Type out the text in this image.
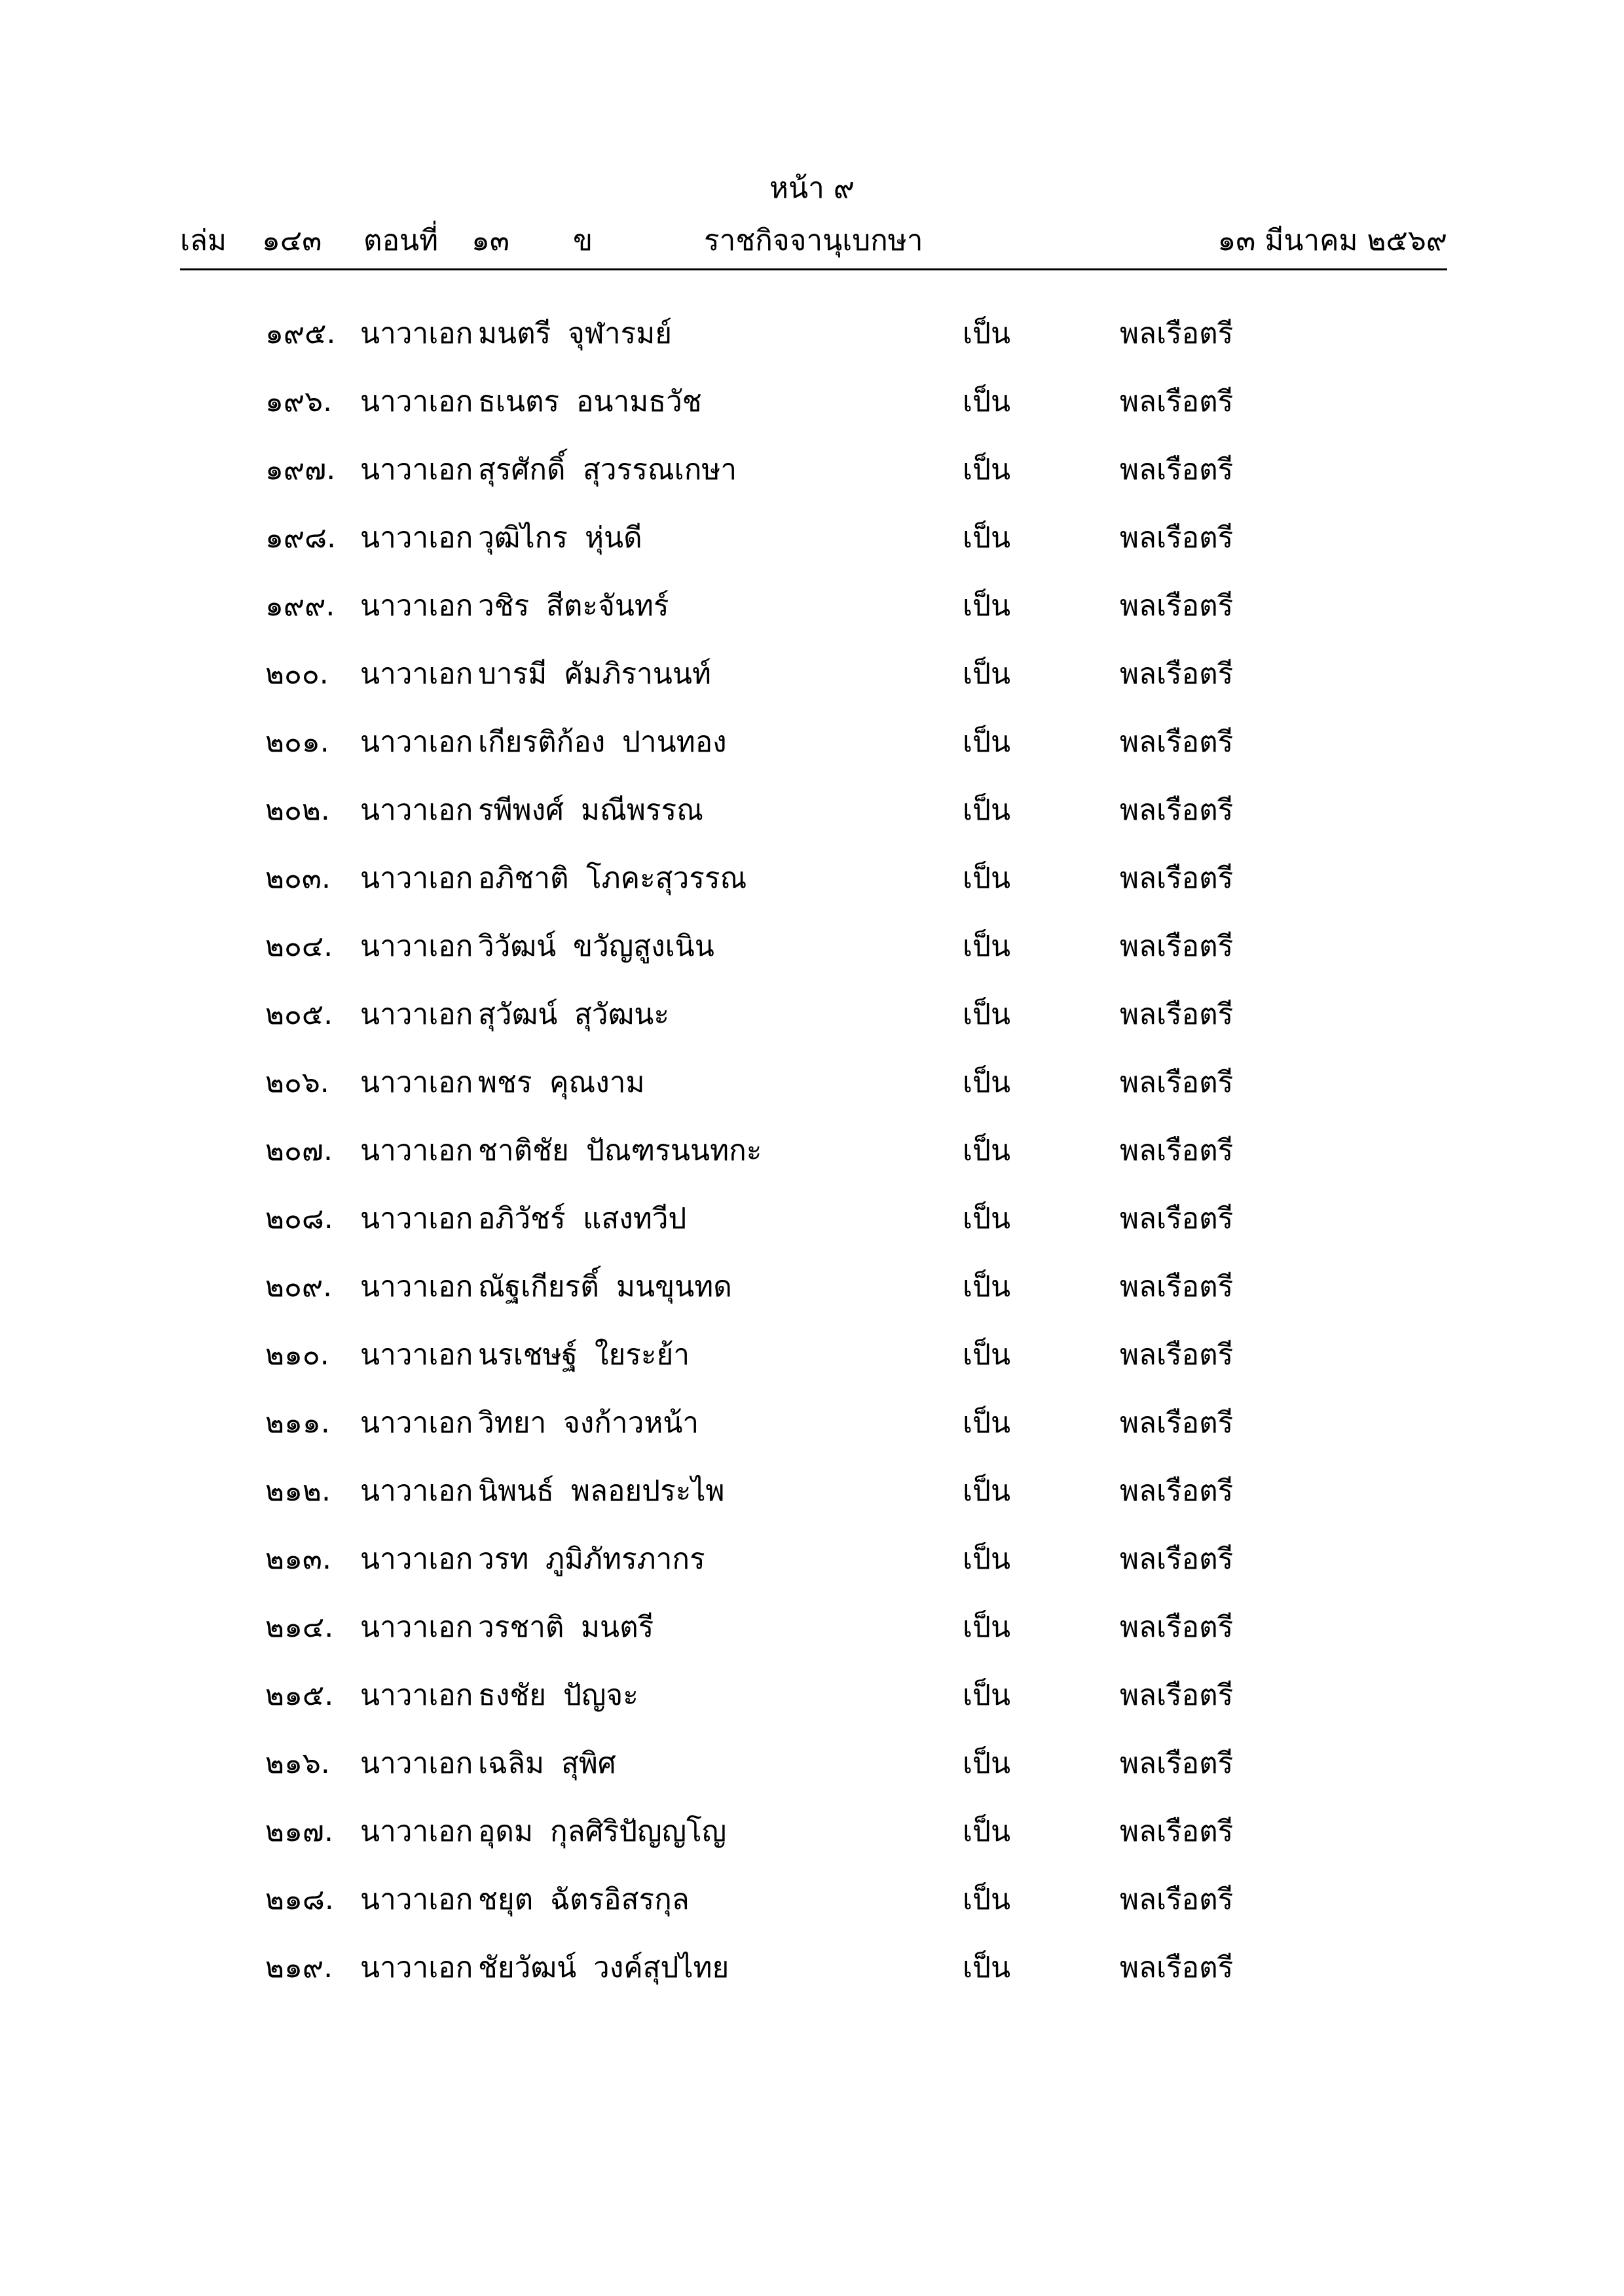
หน้า ๙
เล่ม ๑๔๓ ตอนที่ ๑๓ ข	ราชกิจจานุเบกษา	๑๓ มีนาคม ๒๕๖๙
๑๙๕. นาวาเอก มนตรี จุฬารมย์	เป็น	พลเรือตรี
๑๙๖. นาวาเอก ธเนตร อนามธวัช	เป็น	พลเรือตรี
๑๙๗. นาวาเอก สุรศักดิ์ สุวรรณเกษา	เป็น	พลเรือตรี
๑๙๘. นาวาเอก วุฒิไกร หุ่นดี	เป็น	พลเรือตรี
๑๙๙. นาวาเอก วชิร สีตะจันทร์	เป็น	พลเรือตรี
๒๐๐. นาวาเอก บารมี คัมภิรานนท์	เป็น	พลเรือตรี
๒๐๑. นาวาเอก เกียรติก้อง ปานทอง	เป็น	พลเรือตรี
๒๐๒. นาวาเอก รพีพงศ์ มณีพรรณ	เป็น	พลเรือตรี
๒๐๓. นาวาเอก อภิชาติ โภคะสุวรรณ	เป็น	พลเรือตรี
๒๐๔. นาวาเอก วิวัฒน์ ขวัญสูงเนิน	เป็น	พลเรือตรี
๒๐๕. นาวาเอก สุวัฒน์ สุวัฒนะ	เป็น	พลเรือตรี
๒๐๖. นาวาเอก พชร คุณงาม	เป็น	พลเรือตรี
๒๐๗. นาวาเอก ชาติชัย ปัณฑรนนทกะ	เป็น	พลเรือตรี
๒๐๘. นาวาเอก อภิวัชร์ แสงทวีป	เป็น	พลเรือตรี
๒๐๙. นาวาเอก ณัฐเกียรติ์ มนขุนทด	เป็น	พลเรือตรี
๒๑๐. นาวาเอก นรเชษฐ์ ใยระย้า	เป็น	พลเรือตรี
๒๑๑. นาวาเอก วิทยา จงก้าวหน้า	เป็น	พลเรือตรี
๒๑๒. นาวาเอก นิพนธ์ พลอยประไพ	เป็น	พลเรือตรี
๒๑๓. นาวาเอก วรท ภูมิภัทรภากร	เป็น	พลเรือตรี
๒๑๔. นาวาเอก วรชาติ มนตรี	เป็น	พลเรือตรี
๒๑๕. นาวาเอก ธงชัย ปัญจะ	เป็น	พลเรือตรี
๒๑๖. นาวาเอก เฉลิม สุพิศ	เป็น	พลเรือตรี
๒๑๗. นาวาเอก อุดม กุลศิริปัญญโญ	เป็น	พลเรือตรี
๒๑๘. นาวาเอก ชยุต ฉัตรอิสรกุล	เป็น	พลเรือตรี
๒๑๙. นาวาเอก ชัยวัฒน์ วงค์สุปไทย	เป็น	พลเรือตรี
